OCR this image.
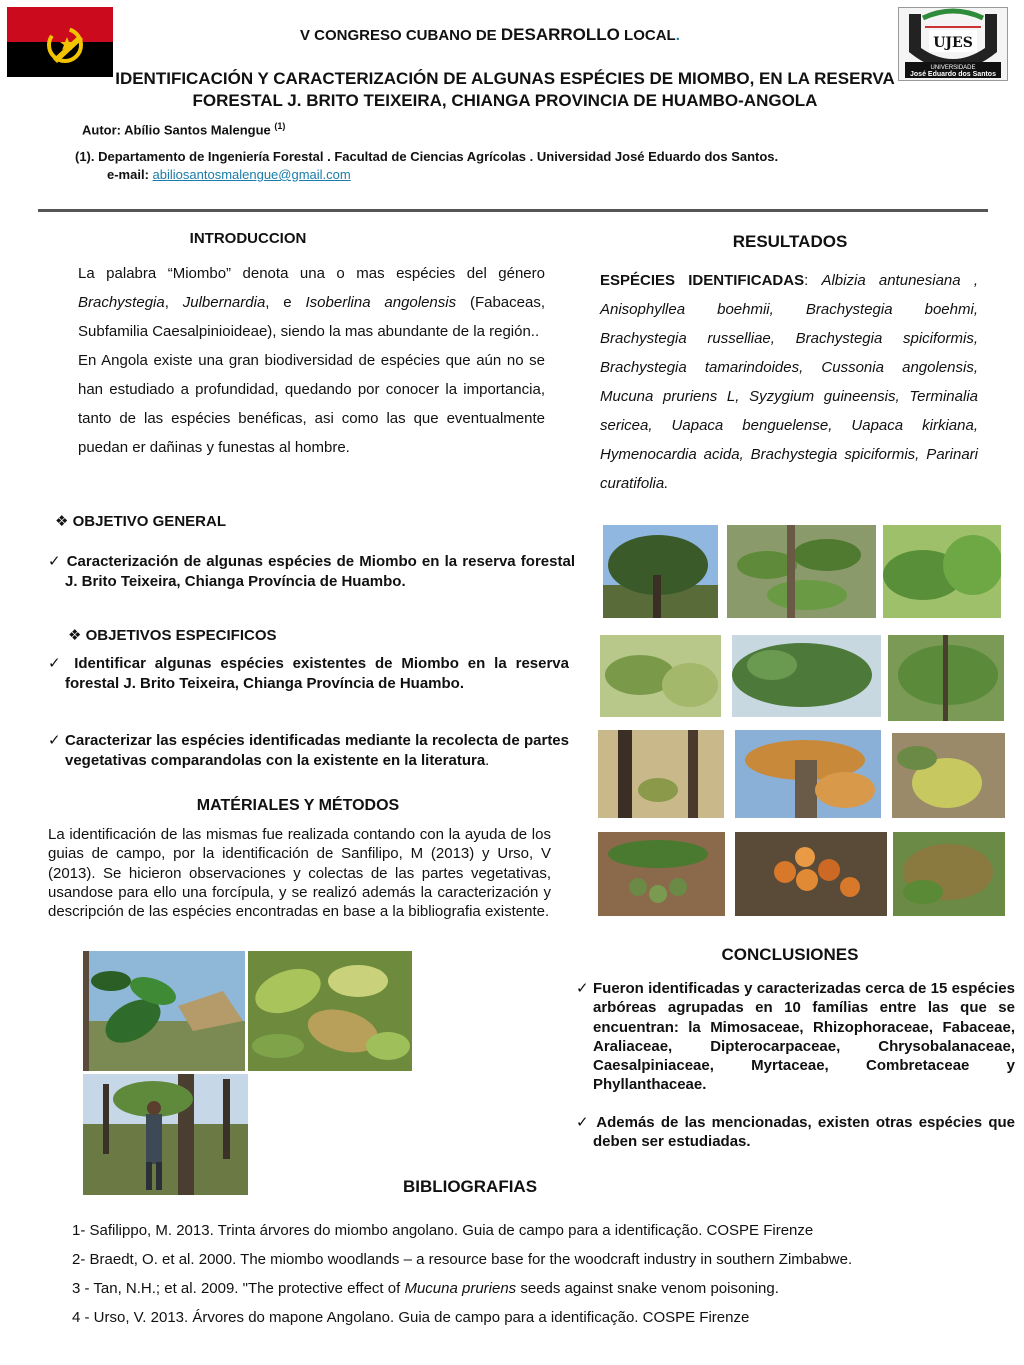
UJES
UNIVERSIDADE
José Eduardo dos Santos
V CONGRESO CUBANO DE DESARROLLO LOCAL.
IDENTIFICACIÓN Y CARACTERIZACIÓN DE ALGUNAS ESPÉCIES DE MIOMBO, EN LA RESERVA FORESTAL J. BRITO TEIXEIRA, CHIANGA PROVINCIA DE HUAMBO-ANGOLA
Autor: Abílio Santos Malengue $^{(1)}$
(1). Departamento de Ingeniería Forestal . Facultad de Ciencias Agrícolas . Universidad José Eduardo dos Santos.
e-mail: abiliosantosmalengue@gmail.com
INTRODUCCION
La palabra “Miombo” denota una o mas espécies del género Brachystegia, Julbernardia, e Isoberlina angolensis (Fabaceas, Subfamilia Caesalpinioideae), siendo la mas abundante de la región..
En Angola existe una gran biodiversidad de espécies que aún no se han estudiado a profundidad, quedando por conocer la importancia, tanto de las espécies benéficas, asi como las que eventualmente puedan er dañinas y funestas al hombre.
RESULTADOS
ESPÉCIES IDENTIFICADAS: Albizia antunesiana , Anisophyllea boehmii, Brachystegia boehmi, Brachystegia russelliae, Brachystegia spiciformis, Brachystegia tamarindoides, Cussonia angolensis, Mucuna pruriens L, Syzygium guineensis, Terminalia sericea, Uapaca benguelense, Uapaca kirkiana, Hymenocardia acida, Brachystegia spiciformis, Parinari curatifolia.
❖ OBJETIVO GENERAL
✓ Caracterización de algunas espécies de Miombo en la reserva forestal J. Brito Teixeira, Chianga Província de Huambo.
❖ OBJETIVOS ESPECIFICOS
✓ Identificar algunas espécies existentes de Miombo en la reserva forestal J. Brito Teixeira, Chianga Província de Huambo.
✓ Caracterizar las espécies identificadas mediante la recolecta de partes vegetativas comparandolas con la existente en la literatura.
MATÉRIALES Y MÉTODOS
La identificación de las mismas fue realizada contando con la ayuda de los guias de campo, por la identificación de Sanfilipo, M (2013) y Urso, V (2013). Se hicieron observaciones y colectas de las partes vegetativas, usandose para ello una forcípula, y se realizó además la caracterización y descripción de las espécies encontradas en base a la bibliografia existente.
CONCLUSIONES
✓ Fueron identificadas y caracterizadas cerca de 15 espécies arbóreas agrupadas en 10 famílias entre las que se encuentran: la Mimosaceae, Rhizophoraceae, Fabaceae, Araliaceae, Dipterocarpaceae, Chrysobalanaceae, Caesalpiniaceae, Myrtaceae, Combretaceae y Phyllanthaceae.
✓ Además de las mencionadas, existen otras espécies que deben ser estudiadas.
BIBLIOGRAFIAS
1- Safilippo, M. 2013. Trinta árvores do miombo angolano. Guia de campo para a identificação. COSPE Firenze
2- Braedt, O. et al. 2000. The miombo woodlands – a resource base for the woodcraft industry in southern Zimbabwe.
3 - Tan, N.H.; et al. 2009. "The protective effect of Mucuna pruriens seeds against snake venom poisoning.
4 - Urso, V. 2013. Árvores do mapone Angolano. Guia de campo para a identificação. COSPE Firenze
